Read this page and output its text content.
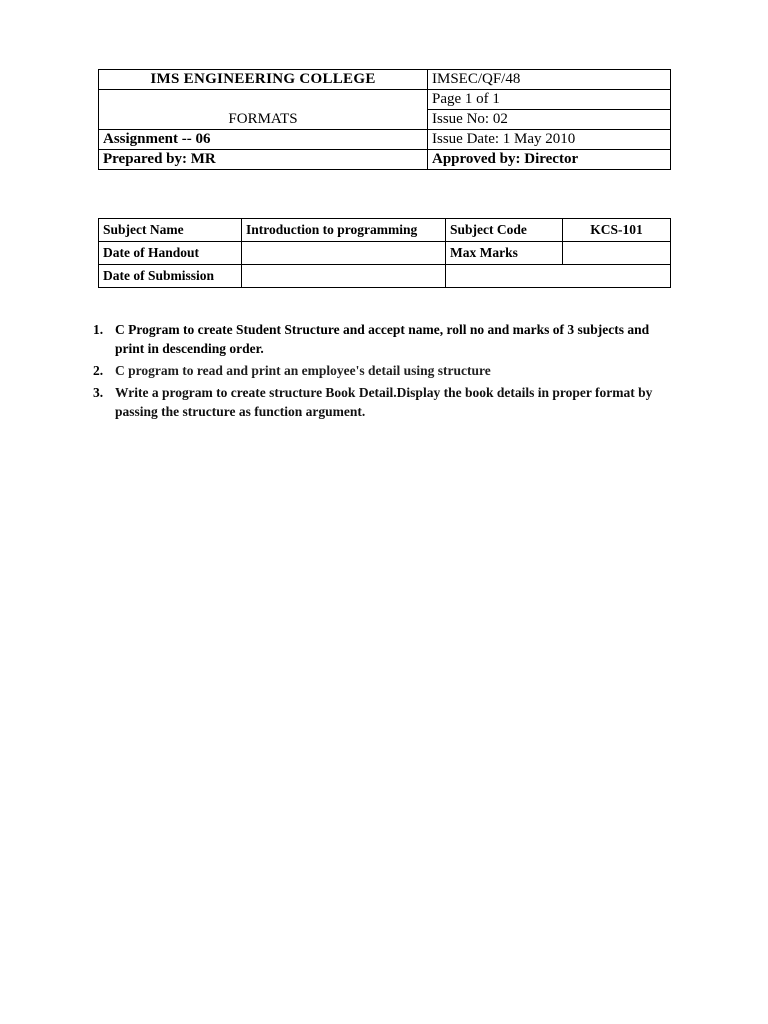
IMS ENGINEERING COLLEGE	IMSEC/QF/48
FORMATS	Page 1 of 1
	Issue No: 02
Assignment -- 06	Issue Date: 1 May 2010
Prepared by: MR	Approved by: Director
Subject Name	Introduction to programming	Subject Code	KCS-101
Date of Handout		Max Marks	
Date of Submission			
1. C Program to create Student Structure and accept name, roll no and marks of 3 subjects and print in descending order.
2. C program to read and print an employee's detail using structure
3. Write a program to create structure Book Detail.Display the book details in proper format by passing the structure as function argument.
